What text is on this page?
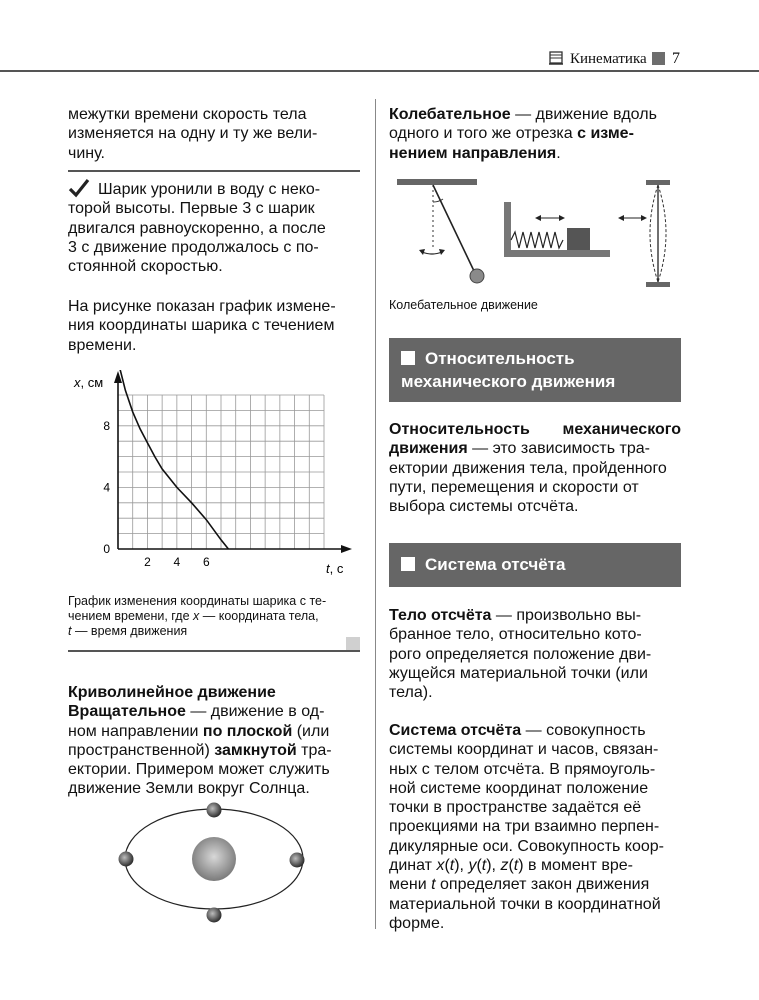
Кинематика 7
межутки времени скорость тела
изменяется на одну и ту же вели-
чину.
Шарик уронили в воду с неко-
торой высоты. Первые 3 с шарик
двигался равноускоренно, а после
3 с движение продолжалось с по-
стоянной скоростью.
На рисунке показан график измене-
ния координаты шарика с течением
времени.
2 4 6
8
4
0
x, см
t, с
График изменения координаты шарика с те-
чением времени, где x — координата тела,
t — время движения
Криволинейное движение
Вращательное — движение в од-
ном направлении по плоской (или
пространственной) замкнутой тра-
ектории. Примером может служить
движение Земли вокруг Солнца.
Колебательное — движение вдоль
одного и того же отрезка с изме-
нением направления.
Колебательное движение
Относительность
механического движения
Относительность механического
движения — это зависимость тра-
ектории движения тела, пройденного
пути, перемещения и скорости от
выбора системы отсчёта.
Система отсчёта
Тело отсчёта — произвольно вы-
бранное тело, относительно кото-
рого определяется положение дви-
жущейся материальной точки (или
тела).
Система отсчёта — совокупность
системы координат и часов, связан-
ных с телом отсчёта. В прямоуголь-
ной системе координат положение
точки в пространстве задаётся её
проекциями на три взаимно перпен-
дикулярные оси. Совокупность коор-
динат x(t), y(t), z(t) в момент вре-
мени t определяет закон движения
материальной точки в координатной
форме.
